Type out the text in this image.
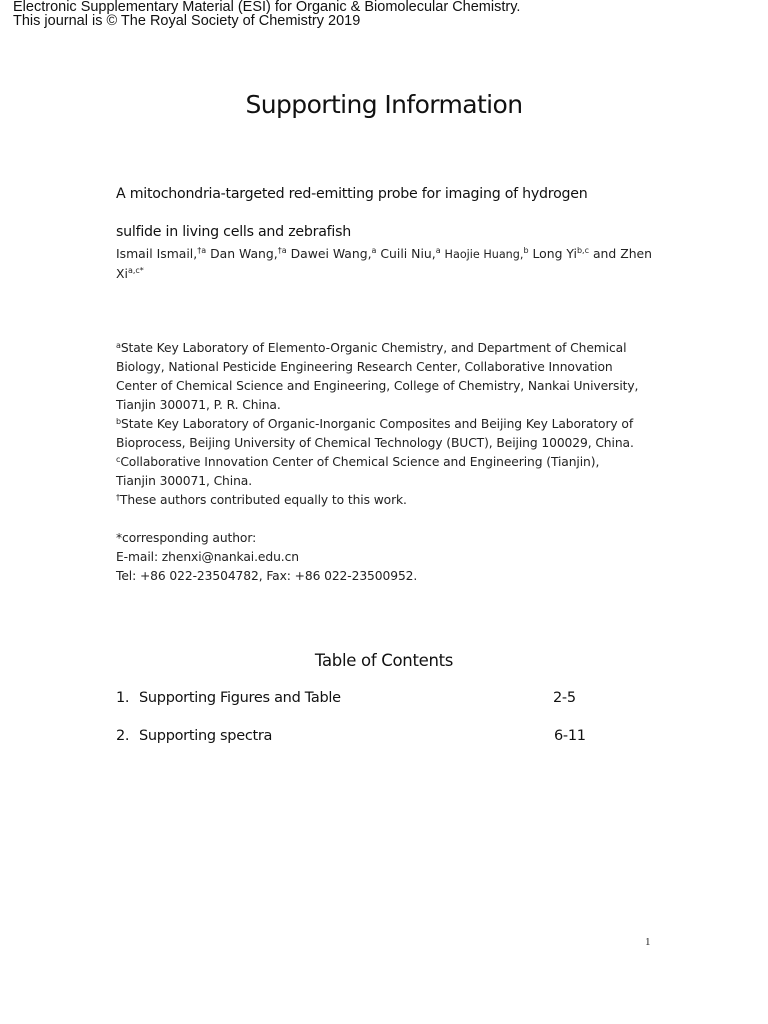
Electronic Supplementary Material (ESI) for Organic & Biomolecular Chemistry.
This journal is © The Royal Society of Chemistry 2019
Supporting Information
A mitochondria-targeted red-emitting probe for imaging of hydrogen
sulfide in living cells and zebrafish
Ismail Ismail,$^{\dagger a}$ Dan Wang,$^{\dagger a}$ Dawei Wang,$^a$ Cuili Niu,$^a$ Haojie Huang,$^b$ Long Yi$^{b,c}$ and Zhen $Xi^{a,c*}$
$^a$State Key Laboratory of Elemento-Organic Chemistry, and Department of Chemical
Biology, National Pesticide Engineering Research Center, Collaborative Innovation
Center of Chemical Science and Engineering, College of Chemistry, Nankai University,
Tianjin 300071, P. R. China.
$^b$State Key Laboratory of Organic-Inorganic Composites and Beijing Key Laboratory of
Bioprocess, Beijing University of Chemical Technology (BUCT), Beijing 100029, China.
$^c$Collaborative Innovation Center of Chemical Science and Engineering (Tianjin),
Tianjin 300071, China.
†These authors contributed equally to this work.
*corresponding author:
E-mail: zhenxi@nankai.edu.cn
Tel: +86 022-23504782, Fax: +86 022-23500952.
Table of Contents
1. Supporting Figures and Table	2-5
2. Supporting spectra	6-11
1
